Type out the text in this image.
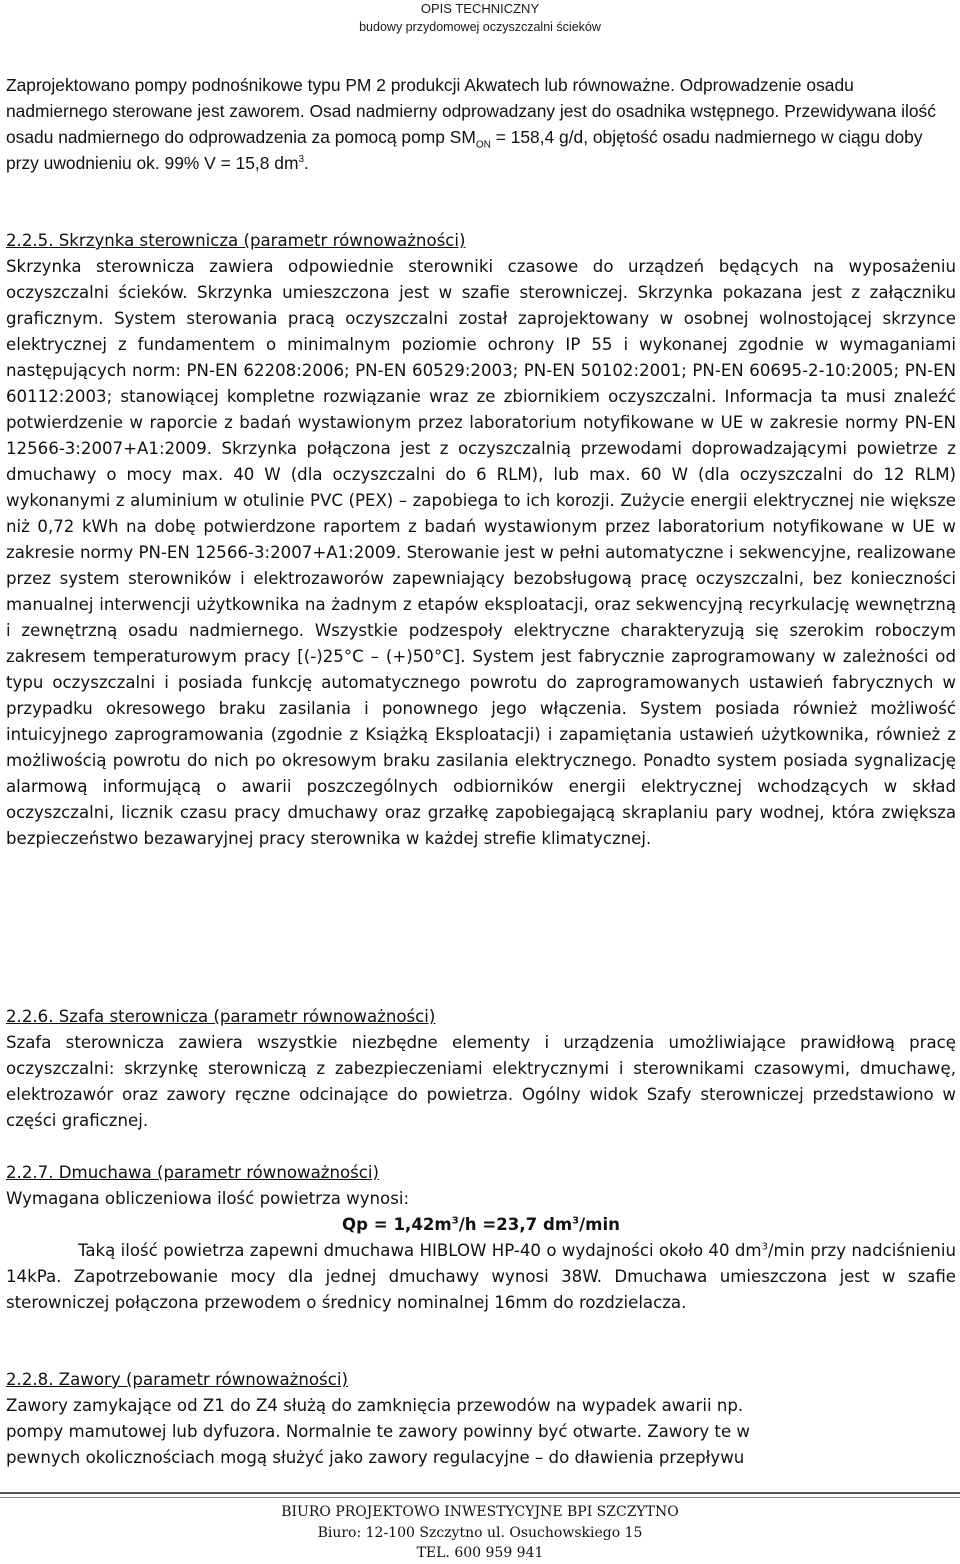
OPIS TECHNICZNY
budowy przydomowej oczyszczalni ścieków

Zaprojektowano pompy podnośnikowe typu PM 2 produkcji Akwatech lub równoważne. Odprowadzenie osadu nadmiernego sterowane jest zaworem. Osad nadmierny odprowadzany jest do osadnika wstępnego. Przewidywana ilość osadu nadmiernego do odprowadzenia za pomocą pomp $SM_{ON} = 158,4$ g/d, objętość osadu nadmiernego w ciągu doby przy uwodnieniu ok. 99% V = 15,8 $dm^3$.

2.2.5. Skrzynka sterownicza (parametr równoważności)

Skrzynka sterownicza zawiera odpowiednie sterowniki czasowe do urządzeń będących na wyposażeniu oczyszczalni ścieków. Skrzynka umieszczona jest w szafie sterowniczej. Skrzynka pokazana jest z załączniku graficznym. System sterowania pracą oczyszczalni został zaprojektowany w osobnej wolnostojącej skrzynce elektrycznej z fundamentem o minimalnym poziomie ochrony IP 55 i wykonanej zgodnie w wymaganiami następujących norm: PN-EN 62208:2006; PN-EN 60529:2003; PN-EN 50102:2001; PN-EN 60695-2-10:2005; PN-EN 60112:2003; stanowiącej kompletne rozwiązanie wraz ze zbiornikiem oczyszczalni. Informacja ta musi znaleźć potwierdzenie w raporcie z badań wystawionym przez laboratorium notyfikowane w UE w zakresie normy PN-EN 12566-3:2007+A1:2009. Skrzynka połączona jest z oczyszczalnią przewodami doprowadzającymi powietrze z dmuchawy o mocy max. 40 W (dla oczyszczalni do 6 RLM), lub max. 60 W (dla oczyszczalni do 12 RLM) wykonanymi z aluminium w otulinie PVC (PEX) – zapobiega to ich korozji. Zużycie energii elektrycznej nie większe niż 0,72 kWh na dobę potwierdzone raportem z badań wystawionym przez laboratorium notyfikowane w UE w zakresie normy PN-EN 12566-3:2007+A1:2009. Sterowanie jest w pełni automatyczne i sekwencyjne, realizowane przez system sterowników i elektrozaworów zapewniający bezobsługową pracę oczyszczalni, bez konieczności manualnej interwencji użytkownika na żadnym z etapów eksploatacji, oraz sekwencyjną recyrkulację wewnętrzną i zewnętrzną osadu nadmiernego. Wszystkie podzespoły elektryczne charakteryzują się szerokim roboczym zakresem temperaturowym pracy [(-)25°C – (+)50°C]. System jest fabrycznie zaprogramowany w zależności od typu oczyszczalni i posiada funkcję automatycznego powrotu do zaprogramowanych ustawień fabrycznych w przypadku okresowego braku zasilania i ponownego jego włączenia. System posiada również możliwość intuicyjnego zaprogramowania (zgodnie z Książką Eksploatacji) i zapamiętania ustawień użytkownika, również z możliwością powrotu do nich po okresowym braku zasilania elektrycznego. Ponadto system posiada sygnalizację alarmową informującą o awarii poszczególnych odbiorników energii elektrycznej wchodzących w skład oczyszczalni, licznik czasu pracy dmuchawy oraz grzałkę zapobiegającą skraplaniu pary wodnej, która zwiększa bezpieczeństwo bezawaryjnej pracy sterownika w każdej strefie klimatycznej.

2.2.6. Szafa sterownicza (parametr równoważności)

Szafa sterownicza zawiera wszystkie niezbędne elementy i urządzenia umożliwiające prawidłową pracę oczyszczalni: skrzynkę sterowniczą z zabezpieczeniami elektrycznymi i sterownikami czasowymi, dmuchawę, elektrozawór oraz zawory ręczne odcinające do powietrza. Ogólny widok Szafy sterowniczej przedstawiono w części graficznej.

2.2.7. Dmuchawa (parametr równoważności)

Wymagana obliczeniowa ilość powietrza wynosi:

$Qp = 1,42m^3/h =23,7$ $dm^3/\min$

Taką ilość powietrza zapewni dmuchawa HIBLOW HP-40 o wydajności około 40 $dm^3/\min$ przy nadciśnieniu 14kPa. Zapotrzebowanie mocy dla jednej dmuchawy wynosi 38W. Dmuchawa umieszczona jest w szafie sterowniczej połączona przewodem o średnicy nominalnej 16mm do rozdzielacza.

2.2.8. Zawory (parametr równoważności)

Zawory zamykające od Z1 do Z4 służą do zamknięcia przewodów na wypadek awarii np.

pompy mamutowej lub dyfuzora. Normalnie te zawory powinny być otwarte. Zawory te w

pewnych okolicznościach mogą służyć jako zawory regulacyjne – do dławienia przepływu

BIURO PROJEKTOWO INWESTYCYJNE BPI SZCZYTNO
Biuro: 12-100 Szczytno ul. Osuchowskiego 15
TEL. 600 959 941
